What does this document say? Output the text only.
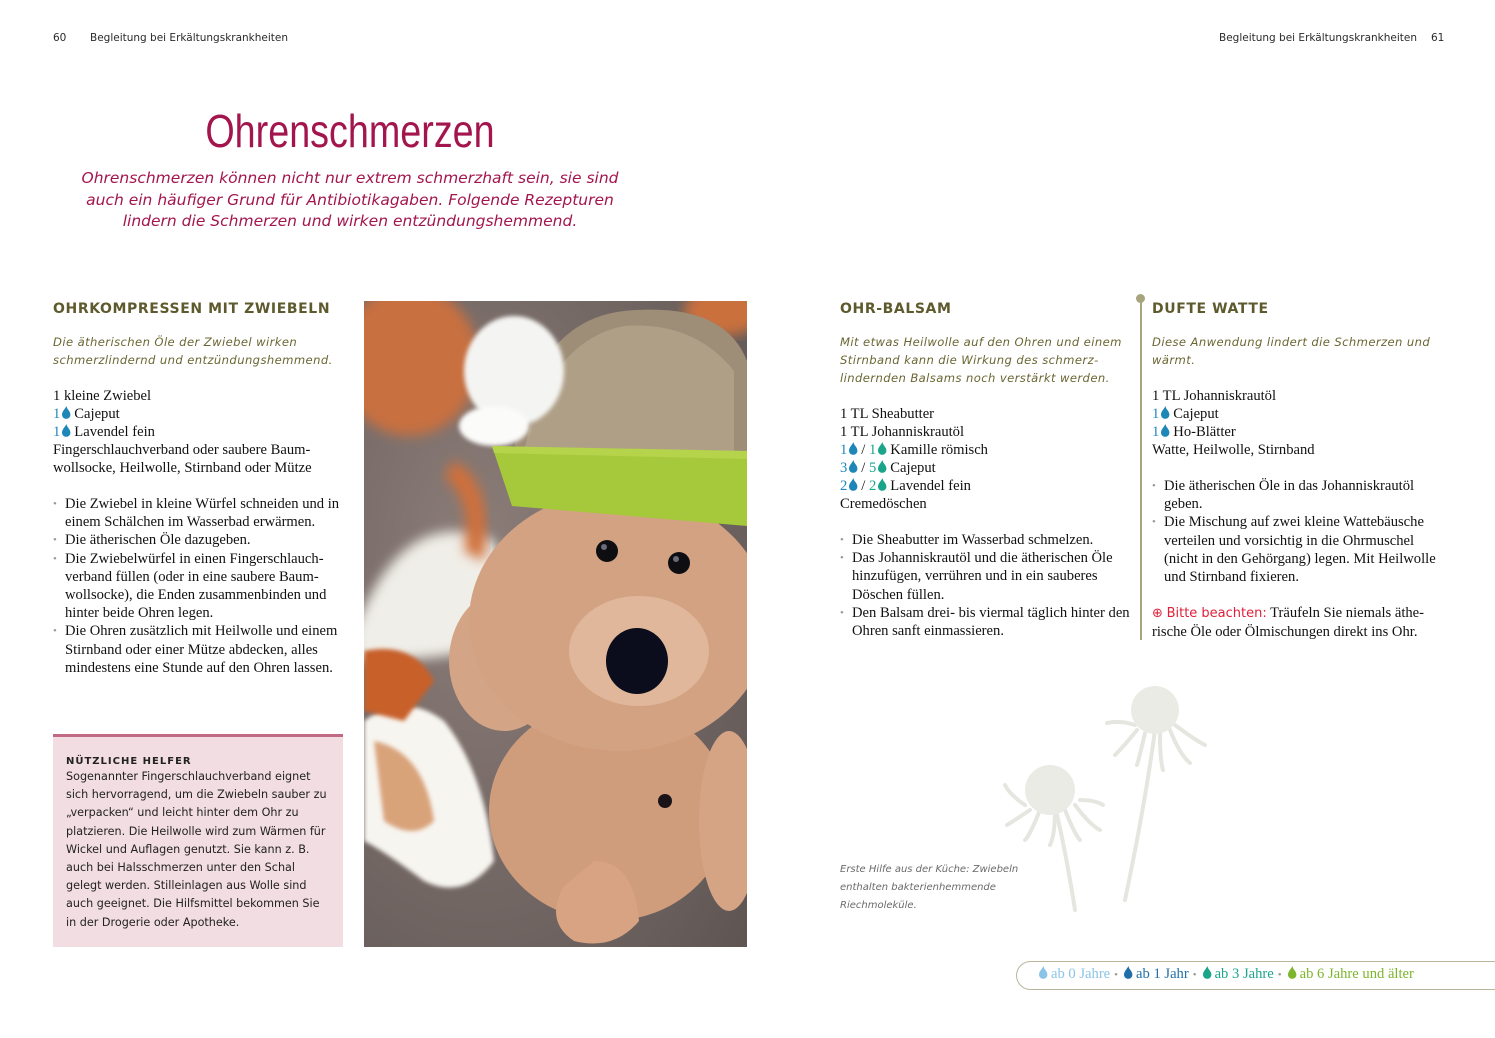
60 Begleitung bei Erkältungskrankheiten	Begleitung bei Erkältungskrankheiten 61
Ohrenschmerzen
Ohrenschmerzen können nicht nur extrem schmerzhaft sein, sie sind auch ein häufiger Grund für Antibiotikagaben. Folgende Rezepturen lindern die Schmerzen und wirken entzündungshemmend.
OHRKOMPRESSEN MIT ZWIEBELN
Die ätherischen Öle der Zwiebel wirken schmerzlindernd und entzündungshemmend.
1 kleine Zwiebel
1 Cajeput
1 Lavendel fein
Fingerschlauchverband oder saubere Baum-
wollsocke, Heilwolle, Stirnband oder Mütze
• Die Zwiebel in kleine Würfel schneiden und in einem Schälchen im Wasserbad erwärmen.
• Die ätherischen Öle dazugeben.
• Die Zwiebelwürfel in einen Fingerschlauchverband füllen (oder in eine saubere Baumwollsocke), die Enden zusammenbinden und hinter beide Ohren legen.
• Die Ohren zusätzlich mit Heilwolle und einem Stirnband oder einer Mütze abdecken, alles mindestens eine Stunde auf den Ohren lassen.
NÜTZLICHE HELFER
Sogenannter Fingerschlauchverband eignet sich hervorragend, um die Zwiebeln sauber zu „verpacken“ und leicht hinter dem Ohr zu platzieren. Die Heilwolle wird zum Wärmen für Wickel und Auflagen genutzt. Sie kann z. B. auch bei Halsschmerzen unter den Schal gelegt werden. Stilleinlagen aus Wolle sind auch geeignet. Die Hilfsmittel bekommen Sie in der Drogerie oder Apotheke.
OHR-BALSAM
Mit etwas Heilwolle auf den Ohren und einem Stirnband kann die Wirkung des schmerzlindernden Balsams noch verstärkt werden.
1 TL Sheabutter
1 TL Johanniskrautöl
1 / 1 Kamille römisch
3 / 5 Cajeput
2 / 2 Lavendel fein
Cremedöschen
• Die Sheabutter im Wasserbad schmelzen.
• Das Johanniskrautöl und die ätherischen Öle hinzufügen, verrühren und in ein sauberes Döschen füllen.
• Den Balsam drei- bis viermal täglich hinter den Ohren sanft einmassieren.
DUFTE WATTE
Diese Anwendung lindert die Schmerzen und wärmt.
1 TL Johanniskrautöl
1 Cajeput
1 Ho-Blätter
Watte, Heilwolle, Stirnband
• Die ätherischen Öle in das Johanniskrautöl geben.
• Die Mischung auf zwei kleine Wattebäusche verteilen und vorsichtig in die Ohrmuschel (nicht in den Gehörgang) legen. Mit Heilwolle und Stirnband fixieren.
⊕ Bitte beachten: Träufeln Sie niemals ätherische Öle oder Ölmischungen direkt ins Ohr.
Erste Hilfe aus der Küche: Zwiebeln enthalten bakterienhemmende Riechmoleküle.
ab 0 Jahre • ab 1 Jahr • ab 3 Jahre • ab 6 Jahre und älter
